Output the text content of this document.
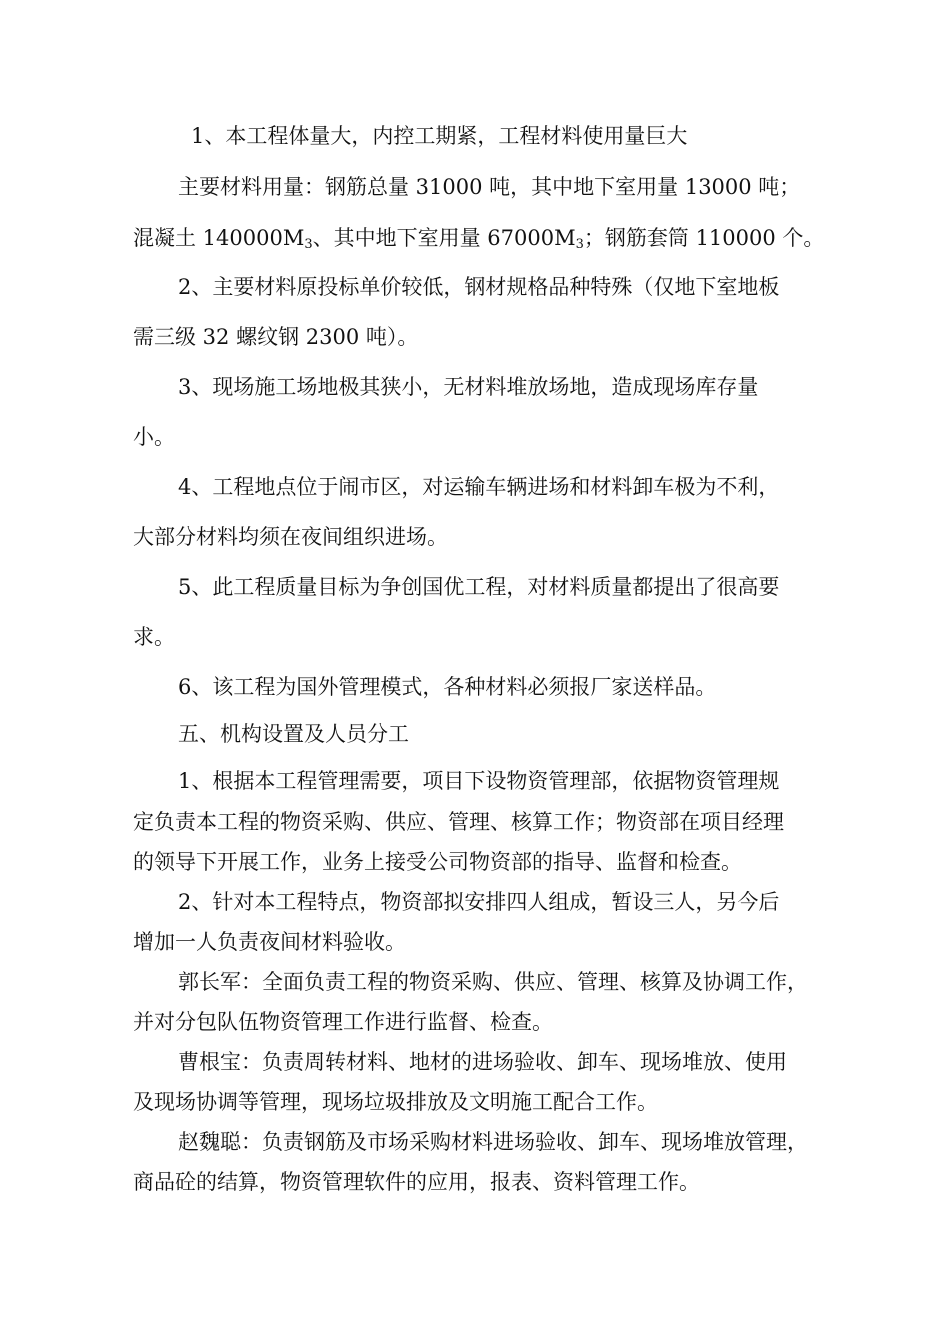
1、本工程体量大，内控工期紧，工程材料使用量巨大
主要材料用量：钢筋总量 31000 吨，其中地下室用量 13000 吨；
混凝土 $140000M_3$、其中地下室用量 $67000M_3$；钢筋套筒 110000 个。
2、主要材料原投标单价较低，钢材规格品种特殊（仅地下室地板
需三级 32 螺纹钢 2300 吨）。
3、现场施工场地极其狭小，无材料堆放场地，造成现场库存量
小。
4、工程地点位于闹市区，对运输车辆进场和材料卸车极为不利，
大部分材料均须在夜间组织进场。
5、此工程质量目标为争创国优工程，对材料质量都提出了很高要
求。
6、该工程为国外管理模式，各种材料必须报厂家送样品。
五、机构设置及人员分工
1、根据本工程管理需要，项目下设物资管理部，依据物资管理规
定负责本工程的物资采购、供应、管理、核算工作；物资部在项目经理
的领导下开展工作，业务上接受公司物资部的指导、监督和检查。
2、针对本工程特点，物资部拟安排四人组成，暂设三人，另今后
增加一人负责夜间材料验收。
郭长军：全面负责工程的物资采购、供应、管理、核算及协调工作，
并对分包队伍物资管理工作进行监督、检查。
曹根宝：负责周转材料、地材的进场验收、卸车、现场堆放、使用
及现场协调等管理，现场垃圾排放及文明施工配合工作。
赵魏聪：负责钢筋及市场采购材料进场验收、卸车、现场堆放管理，
商品砼的结算，物资管理软件的应用，报表、资料管理工作。
